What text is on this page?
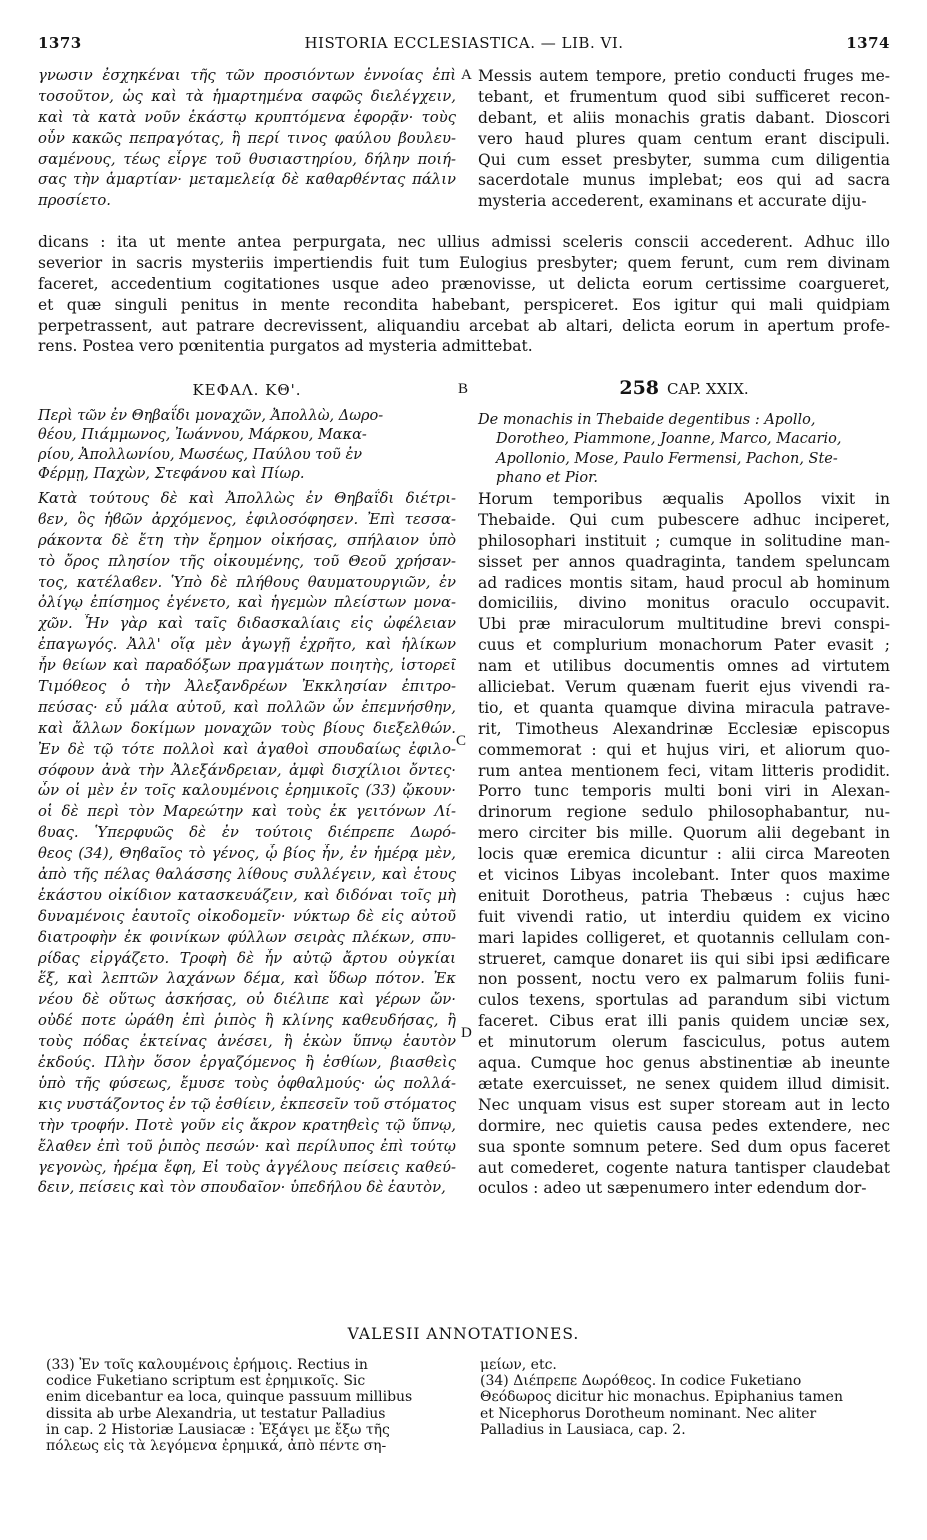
1373	HISTORIA ECCLESIASTICA. — LIB. VI.	1374
γνωσιν ἐσχηκέναι τῆς τῶν προσιόντων ἐννοίας ἐπὶ
τοσοῦτον, ὡς καὶ τὰ ἡμαρτημένα σαφῶς διελέγχειν,
καὶ τὰ κατὰ νοῦν ἑκάστῳ κρυπτόμενα ἐφορᾷν· τοὺς
οὖν κακῶς πεπραγότας, ἢ περί τινος φαύλου βουλευ-
σαμένους, τέως εἶργε τοῦ θυσιαστηρίου, δήλην ποιή-
σας τὴν ἁμαρτίαν· μεταμελείᾳ δὲ καθαρθέντας πάλιν
προσίετο.
A Messis autem tempore, pretio conducti fruges me-
tebant, et frumentum quod sibi sufficeret recon-
debant, et aliis monachis gratis dabant. Dioscori
vero haud plures quam centum erant discipuli.
Qui cum esset presbyter, summa cum diligentia
sacerdotale munus implebat; eos qui ad sacra
mysteria accederent, examinans et accurate diju-
dicans : ita ut mente antea perpurgata, nec ullius admissi sceleris conscii accederent. Adhuc illo
severior in sacris mysteriis impertiendis fuit tum Eulogius presbyter; quem ferunt, cum rem divinam
faceret, accedentium cogitationes usque adeo prænovisse, ut delicta eorum certissime coargueret,
et quæ singuli penitus in mente recondita habebant, perspiceret. Eos igitur qui mali quidpiam
perpetrassent, aut patrare decrevissent, aliquandiu arcebat ab altari, delicta eorum in apertum profe-
rens. Postea vero pœnitentia purgatos ad mysteria admittebat.
ΚΕΦΑΛ. ΚΘ'.	B	258 CAP. XXIX.
Περὶ τῶν ἐν Θηβαΐδι μοναχῶν, Ἀπολλὼ, Δωρο-
θέου, Πιάμμωνος, Ἰωάννου, Μάρκου, Μακα-
ρίου, Ἀπολλωνίου, Μωσέως, Παύλου τοῦ ἐν
Φέρμῃ, Παχὼν, Στεφάνου καὶ Πίωρ.
De monachis in Thebaide degentibus : Apollo,
Dorotheo, Piammone, Joanne, Marco, Macario,
Apollonio, Mose, Paulo Fermensi, Pachon, Ste-
phano et Pior.
Κατὰ τούτους δὲ καὶ Ἀπολλὼς ἐν Θηβαΐδι διέτρι-
ϐεν, ὃς ἡϐῶν ἀρχόμενος, ἐφιλοσόφησεν. Ἐπὶ τεσσα-
ράκοντα δὲ ἔτη τὴν ἔρημον οἰκήσας, σπήλαιον ὑπὸ
τὸ ὄρος πλησίον τῆς οἰκουμένης, τοῦ Θεοῦ χρήσαν-
τος, κατέλαϐεν. Ὑπὸ δὲ πλήθους θαυματουργιῶν, ἐν
ὀλίγῳ ἐπίσημος ἐγένετο, καὶ ἡγεμὼν πλείστων μονα-
χῶν. Ἦν γὰρ καὶ ταῖς διδασκαλίαις εἰς ὠφέλειαν
ἐπαγωγός. Ἀλλ' οἵᾳ μὲν ἀγωγῇ ἐχρῆτο, καὶ ἡλίκων
ἦν θείων καὶ παραδόξων πραγμάτων ποιητὴς, ἱστορεῖ
Τιμόθεος ὁ τὴν Ἀλεξανδρέων Ἐκκλησίαν ἐπιτρο-
πεύσας· εὖ μάλα αὐτοῦ, καὶ πολλῶν ὧν ἐπεμνήσθην,
καὶ ἄλλων δοκίμων μοναχῶν τοὺς βίους διεξελθών.
Ἐν δὲ τῷ τότε πολλοὶ καὶ ἀγαθοὶ σπουδαίως ἐφιλο-
σόφουν ἀνὰ τὴν Ἀλεξάνδρειαν, ἀμφὶ δισχίλιοι ὄντες·
ὧν οἱ μὲν ἐν τοῖς καλουμένοις ἐρημικοῖς (33) ᾤκουν·
οἱ δὲ περὶ τὸν Μαρεώτην καὶ τοὺς ἐκ γειτόνων Λί-
ϐυας. Ὑπερφυῶς δὲ ἐν τούτοις διέπρεπε Δωρό-
θεος (34), Θηϐαῖος τὸ γένος, ᾧ βίος ἦν, ἐν ἡμέρᾳ μὲν,
ἀπὸ τῆς πέλας θαλάσσης λίθους συλλέγειν, καὶ ἑτους
ἑκάστου οἰκίδιον κατασκευάζειν, καὶ διδόναι τοῖς μὴ
δυναμένοις ἑαυτοῖς οἰκοδομεῖν· νύκτωρ δὲ εἰς αὐτοῦ
διατροφὴν ἐκ φοινίκων φύλλων σειρὰς πλέκων, σπυ-
ρίδας εἰργάζετο. Τροφὴ δὲ ἦν αὐτῷ ἄρτου οὐγκίαι
ἕξ, καὶ λεπτῶν λαχάνων δέμα, καὶ ὕδωρ πότον. Ἐκ
νέου δὲ οὕτως ἀσκήσας, οὐ διέλιπε καὶ γέρων ὤν·
οὐδέ ποτε ὠράθη ἐπὶ ῥιπὸς ἢ κλίνης καθευδήσας, ἢ
τοὺς πόδας ἐκτείνας ἀνέσει, ἢ ἑκὼν ὕπνῳ ἑαυτὸν
ἐκδούς. Πλὴν ὅσον ἐργαζόμενος ἢ ἐσθίων, βιασθεὶς
ὑπὸ τῆς φύσεως, ἔμυσε τοὺς ὀφθαλμούς· ὡς πολλά-
κις νυστάζοντος ἐν τῷ ἐσθίειν, ἐκπεσεῖν τοῦ στόματος
τὴν τροφήν. Ποτὲ γοῦν εἰς ἄκρον κρατηθεὶς τῷ ὕπνῳ,
ἔλαθεν ἐπὶ τοῦ ῥιπὸς πεσών· καὶ περίλυπος ἐπὶ τούτῳ
γεγονὼς, ἠρέμα ἔφη, Εἰ τοὺς ἀγγέλους πείσεις καθεύ-
δειν, πείσεις καὶ τὸν σπουδαῖον· ὑπεδήλου δὲ ἑαυτὸν,
Horum temporibus æqualis Apollos vixit in
Thebaide. Qui cum pubescere adhuc inciperet,
philosophari instituit ; cumque in solitudine man-
sisset per annos quadraginta, tandem speluncam
ad radices montis sitam, haud procul ab hominum
domiciliis, divino monitus oraculo occupavit.
Ubi præ miraculorum multitudine brevi conspi-
cuus et complurium monachorum Pater evasit ;
nam et utilibus documentis omnes ad virtutem
alliciebat. Verum quænam fuerit ejus vivendi ra-
tio, et quanta quamque divina miracula patrave-
rit, Timotheus Alexandrinæ Ecclesiæ episcopus
commemorat : qui et hujus viri, et aliorum quo-
rum antea mentionem feci, vitam litteris prodidit.
Porro tunc temporis multi boni viri in Alexan-
drinorum regione sedulo philosophabantur, nu-
mero circiter bis mille. Quorum alii degebant in
locis quæ eremica dicuntur : alii circa Mareoten
et vicinos Libyas incolebant. Inter quos maxime
enituit Dorotheus, patria Thebæus : cujus hæc
fuit vivendi ratio, ut interdiu quidem ex vicino
mari lapides colligeret, et quotannis cellulam con-
strueret, camque donaret iis qui sibi ipsi ædificare
non possent, noctu vero ex palmarum foliis funi-
culos texens, sportulas ad parandum sibi victum
faceret. Cibus erat illi panis quidem unciæ sex,
et minutorum olerum fasciculus, potus autem
aqua. Cumque hoc genus abstinentiæ ab ineunte
ætate exercuisset, ne senex quidem illud dimisit.
Nec unquam visus est super stoream aut in lecto
dormire, nec quietis causa pedes extendere, nec
sua sponte somnum petere. Sed dum opus faceret
aut comederet, cogente natura tantisper claudebat
oculos : adeo ut sæpenumero inter edendum dor-
C
D
VALESII ANNOTATIONES.
(33) Ἐν τοῖς καλουμένοις ἐρήμοις. Rectius in
codice Fuketiano scriptum est ἐρημικοῖς. Sic
enim dicebantur ea loca, quinque passuum millibus
dissita ab urbe Alexandria, ut testatur Palladius
in cap. 2 Historiæ Lausiacæ : Ἐξάγει με ἔξω τῆς
πόλεως εἰς τὰ λεγόμενα ἐρημικά, ἀπὸ πέντε ση-
μείων, etc.
(34) Διέπρεπε Δωρόθεος. In codice Fuketiano
Θεόδωρος dicitur hic monachus. Epiphanius tamen
et Nicephorus Dorotheum nominant. Nec aliter
Palladius in Lausiaca, cap. 2.
